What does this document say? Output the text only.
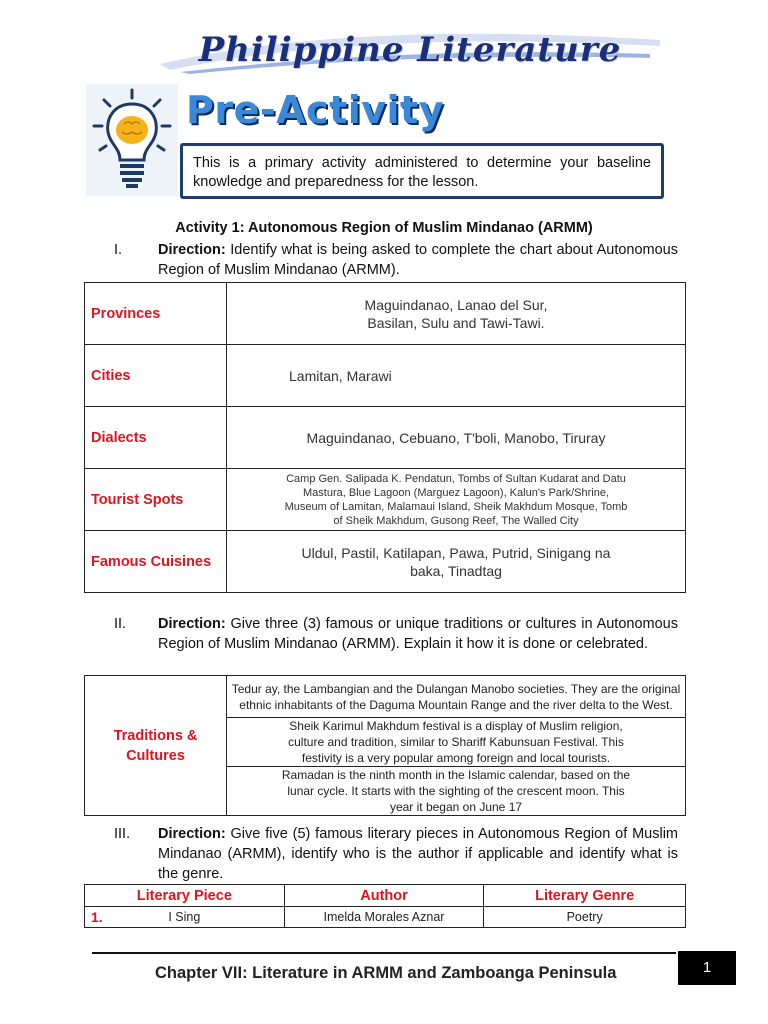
Philippine Literature
Pre-Activity
This is a primary activity administered to determine your baseline knowledge and preparedness for the lesson.
Activity 1: Autonomous Region of Muslim Mindanao (ARMM)
I. Direction: Identify what is being asked to complete the chart about Autonomous Region of Muslim Mindanao (ARMM).
Provinces	Maguindanao, Lanao del Sur, Basilan, Sulu and Tawi-Tawi.
Cities	Lamitan, Marawi
Dialects	Maguindanao, Cebuano, T'boli, Manobo, Tiruray
Tourist Spots	Camp Gen. Salipada K. Pendatun, Tombs of Sultan Kudarat and Datu Mastura, Blue Lagoon (Marguez Lagoon), Kalun's Park/Shrine, Museum of Lamitan, Malamaui Island, Sheik Makhdum Mosque, Tomb of Sheik Makhdum, Gusong Reef, The Walled City
Famous Cuisines	Uldul, Pastil, Katilapan, Pawa, Putrid, Sinigang na baka, Tinadtag
II. Direction: Give three (3) famous or unique traditions or cultures in Autonomous Region of Muslim Mindanao (ARMM). Explain it how it is done or celebrated.
Traditions & Cultures	Tedur ay, the Lambangian and the Dulangan Manobo societies. They are the original ethnic inhabitants of the Daguma Mountain Range and the river delta to the West.
Sheik Karimul Makhdum festival is a display of Muslim religion, culture and tradition, similar to Shariff Kabunsuan Festival. This festivity is a very popular among foreign and local tourists.
Ramadan is the ninth month in the Islamic calendar, based on the lunar cycle. It starts with the sighting of the crescent moon. This year it began on June 17
III. Direction: Give five (5) famous literary pieces in Autonomous Region of Muslim Mindanao (ARMM), identify who is the author if applicable and identify what is the genre.
Literary Piece	Author	Literary Genre

1. I Sing	Imelda Morales Aznar	Poetry
Chapter VII: Literature in ARMM and Zamboanga Peninsula	1
